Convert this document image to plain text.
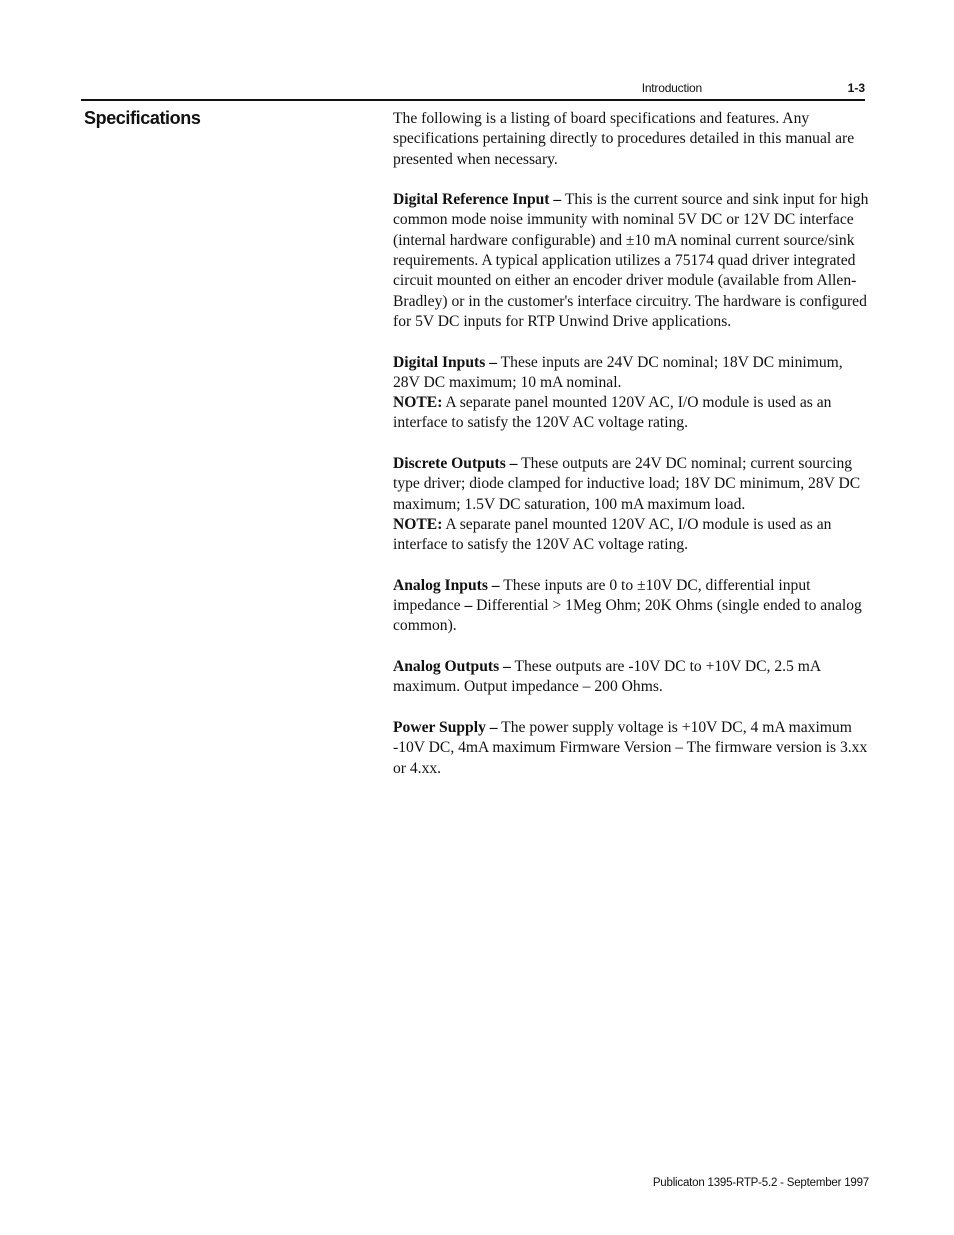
Introduction	1-3
Specifications	The following is a listing of board specifications and features. Any specifications pertaining directly to procedures detailed in this manual are presented when necessary.

Digital Reference Input – This is the current source and sink input for high common mode noise immunity with nominal 5V DC or 12V DC interface (internal hardware configurable) and ±10 mA nominal current source/sink requirements. A typical application utilizes a 75174 quad driver integrated circuit mounted on either an encoder driver module (available from Allen-Bradley) or in the customer's interface circuitry. The hardware is configured for 5V DC inputs for RTP Unwind Drive applications.

Digital Inputs – These inputs are 24V DC nominal; 18V DC minimum, 28V DC maximum; 10 mA nominal.

NOTE: A separate panel mounted 120V AC, I/O module is used as an interface to satisfy the 120V AC voltage rating.

Discrete Outputs – These outputs are 24V DC nominal; current sourcing type driver; diode clamped for inductive load; 18V DC minimum, 28V DC maximum; 1.5V DC saturation, 100 mA maximum load.

NOTE: A separate panel mounted 120V AC, I/O module is used as an interface to satisfy the 120V AC voltage rating.

Analog Inputs – These inputs are 0 to ±10V DC, differential input impedance – Differential > 1Meg Ohm; 20K Ohms (single ended to analog common).

Analog Outputs – These outputs are -10V DC to +10V DC, 2.5 mA maximum. Output impedance – 200 Ohms.

Power Supply – The power supply voltage is +10V DC, 4 mA maximum -10V DC, 4mA maximum Firmware Version – The firmware version is 3.xx or 4.xx.

Publicaton 1395-RTP-5.2 - September 1997
